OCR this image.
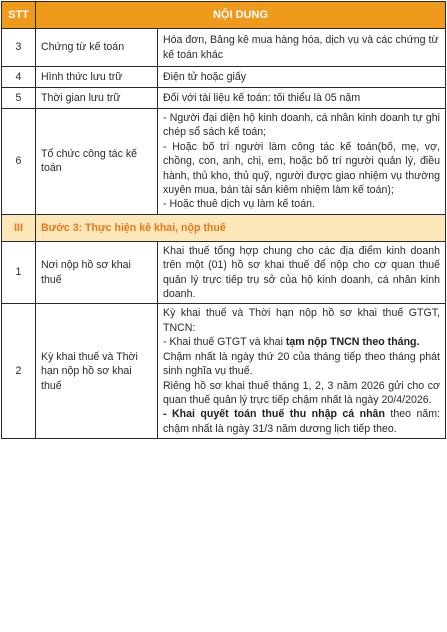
STT	NỘI DUNG	
3	Chứng từ kế toán	Hóa đơn, Bảng kê mua hàng hóa, dịch vụ và các chứng từ kế toán khác
4	Hình thức lưu trữ	Điện tử hoặc giấy
5	Thời gian lưu trữ	Đối với tài liệu kế toán: tối thiểu là 05 năm
6	Tổ chức công tác kế toán	- Người đại diện hộ kinh doanh, cá nhân kinh doanh tự ghi chép sổ sách kế toán;

- Hoặc bố trí người làm công tác kế toán(bố, mẹ, vợ, chồng, con, anh, chị, em, hoặc bố trí người quản lý, điều hành, thủ kho, thủ quỹ, người được giao nhiệm vụ thường xuyên mua, bán tài sản kiêm nhiệm làm kế toán);

- Hoặc thuê dịch vụ làm kế toán.

III	Bước 3: Thực hiện kê khai, nộp thuế	
1	Nơi nộp hồ sơ khai thuế	Khai thuế tổng hợp chung cho các địa điểm kinh doanh trên một (01) hồ sơ khai thuế để nộp cho cơ quan thuế quản lý trực tiếp trụ sở của hộ kinh doanh, cá nhân kinh doanh.
2	Kỳ khai thuế và Thời hạn nộp hồ sơ khai thuế	Kỳ khai thuế và Thời hạn nộp hồ sơ khai thuế GTGT, TNCN:

- Khai thuế GTGT và khai tạm nộp TNCN theo tháng.

Chậm nhất là ngày thứ 20 của tháng tiếp theo tháng phát sinh nghĩa vụ thuế.

Riêng hồ sơ khai thuế tháng 1, 2, 3 năm 2026 gửi cho cơ quan thuế quản lý trực tiếp chậm nhất là ngày 20/4/2026.

- Khai quyết toán thuế thu nhập cá nhân theo năm: chậm nhất là ngày 31/3 năm dương lịch tiếp theo.
